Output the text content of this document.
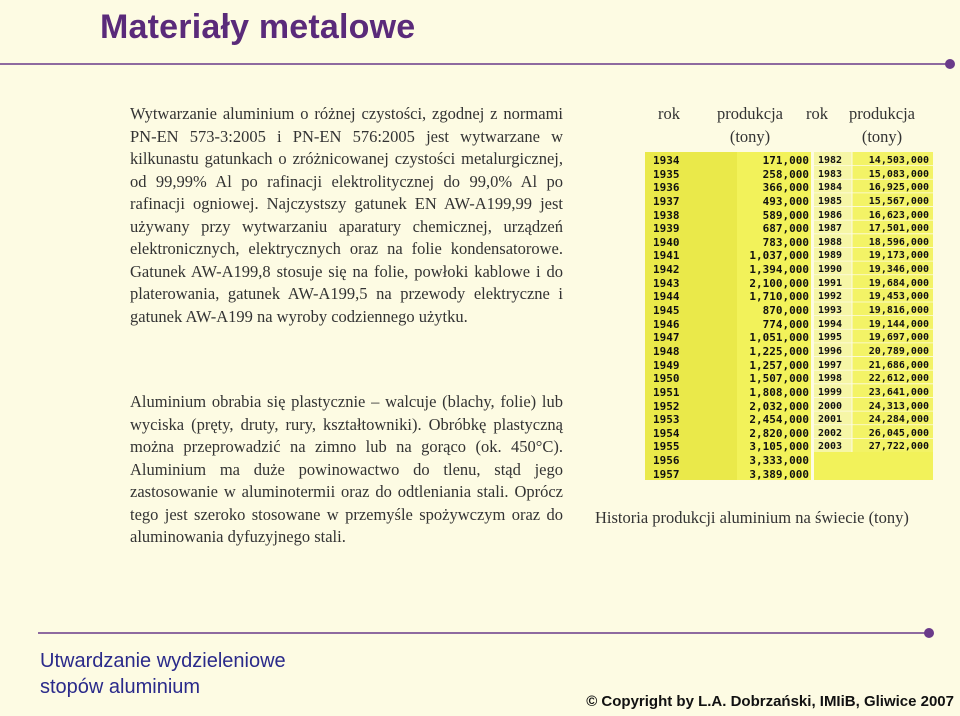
Materiały metalowe
Wytwarzanie aluminium o różnej czystości, zgodnej z normami PN-EN 573-3:2005 i PN-EN 576:2005 jest wytwarzane w kilkunastu gatunkach o zróżnicowanej czystości metalurgicznej, od 99,99% Al po rafinacji elektrolitycznej do 99,0% Al po rafinacji ogniowej. Najczystszy gatunek EN AW-A199,99 jest używany przy wytwarzaniu aparatury chemicznej, urządzeń elektronicznych, elektrycznych oraz na folie kondensatorowe. Gatunek AW-A199,8 stosuje się na folie, powłoki kablowe i do platerowania, gatunek AW-A199,5 na przewody elektryczne i gatunek AW-A199 na wyroby codziennego użytku.
Aluminium obrabia się plastycznie – walcuje (blachy, folie) lub wyciska (pręty, druty, rury, kształtowniki). Obróbkę plastyczną można przeprowadzić na zimno lub na gorąco (ok. 450°C). Aluminium ma duże powinowactwo do tlenu, stąd jego zastosowanie w aluminotermii oraz do odtleniania stali. Oprócz tego jest szeroko stosowane w przemyśle spożywczym oraz do aluminowania dyfuzyjnego stali.
rok	produkcja (tony)
rok	produkcja (tony)
1934
1935
1936
1937
1938
1939
1940
1941
1942
1943
1944
1945
1946
1947
1948
1949
1950
1951
1952
1953
1954
1955
1956
1957
171,000
258,000
366,000
493,000
589,000
687,000
783,000
1,037,000
1,394,000
2,100,000
1,710,000
870,000
774,000
1,051,000
1,225,000
1,257,000
1,507,000
1,808,000
2,032,000
2,454,000
2,820,000
3,105,000
3,333,000
3,389,000
1982
1983
1984
1985
1986
1987
1988
1989
1990
1991
1992
1993
1994
1995
1996
1997
1998
1999
2000
2001
2002
2003
14,503,000
15,083,000
16,925,000
15,567,000
16,623,000
17,501,000
18,596,000
19,173,000
19,346,000
19,684,000
19,453,000
19,816,000
19,144,000
19,697,000
20,789,000
21,686,000
22,612,000
23,641,000
24,313,000
24,284,000
26,045,000
27,722,000
Historia produkcji aluminium na świecie (tony)
Utwardzanie wydzieleniowe
stopów aluminium
© Copyright by L.A. Dobrzański, IMIiB, Gliwice 2007
